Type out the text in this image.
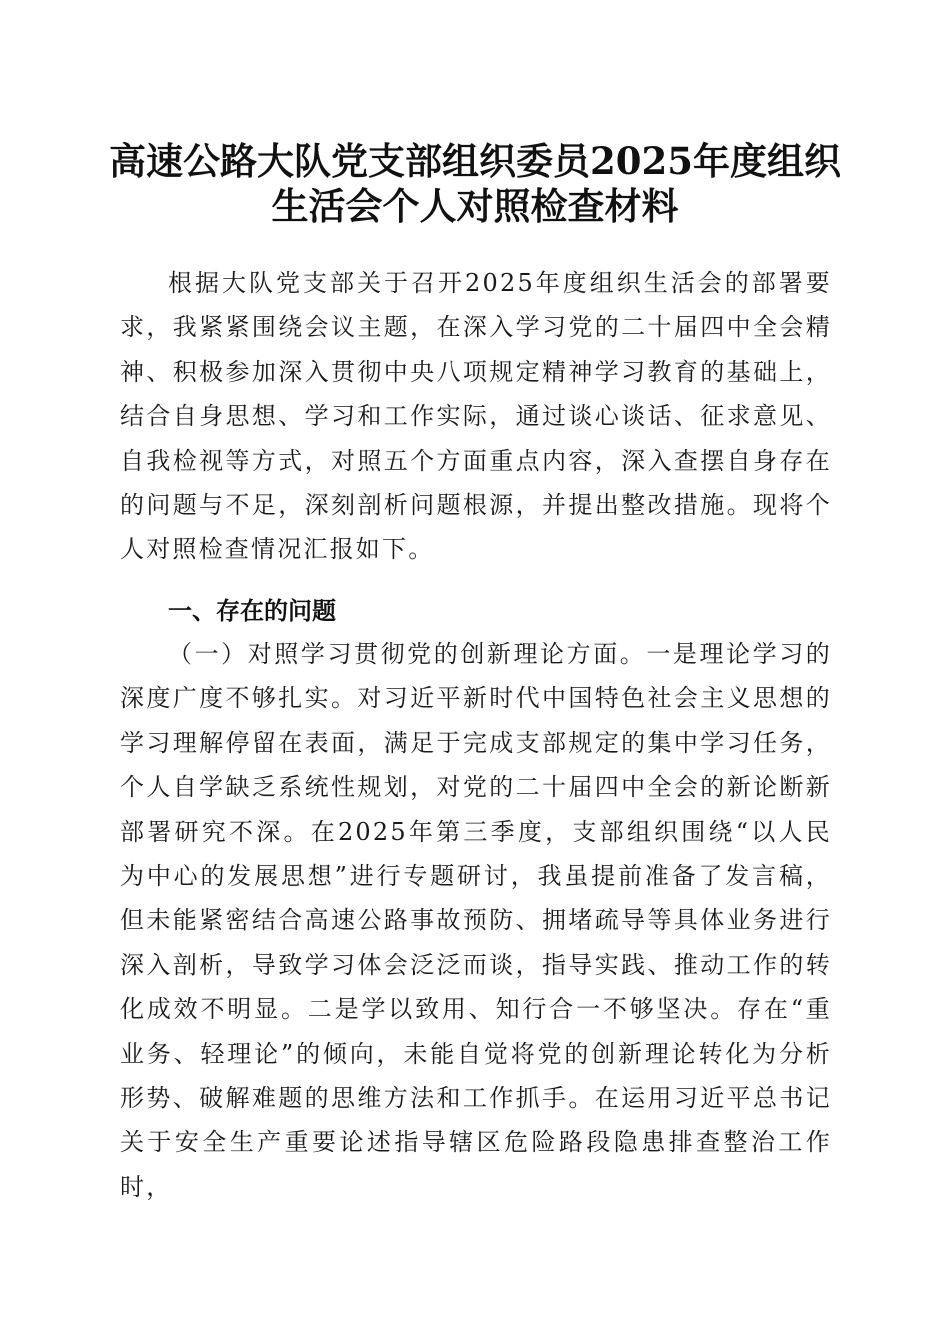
高速公路大队党支部组织委员2025年度组织
生活会个人对照检查材料

根据大队党支部关于召开2025年度组织生活会的部署要求，我紧紧围绕会议主题，在深入学习党的二十届四中全会精神、积极参加深入贯彻中央八项规定精神学习教育的基础上，结合自身思想、学习和工作实际，通过谈心谈话、征求意见、自我检视等方式，对照五个方面重点内容，深入查摆自身存在的问题与不足，深刻剖析问题根源，并提出整改措施。现将个人对照检查情况汇报如下。

一、存在的问题

（一）对照学习贯彻党的创新理论方面。一是理论学习的深度广度不够扎实。对习近平新时代中国特色社会主义思想的学习理解停留在表面，满足于完成支部规定的集中学习任务，个人自学缺乏系统性规划，对党的二十届四中全会的新论断新部署研究不深。在2025年第三季度，支部组织围绕“以人民为中心的发展思想”进行专题研讨，我虽提前准备了发言稿，但未能紧密结合高速公路事故预防、拥堵疏导等具体业务进行深入剖析，导致学习体会泛泛而谈，指导实践、推动工作的转化成效不明显。二是学以致用、知行合一不够坚决。存在“重业务、轻理论”的倾向，未能自觉将党的创新理论转化为分析形势、破解难题的思维方法和工作抓手。在运用习近平总书记关于安全生产重要论述指导辖区危险路段隐患排查整治工作时，
